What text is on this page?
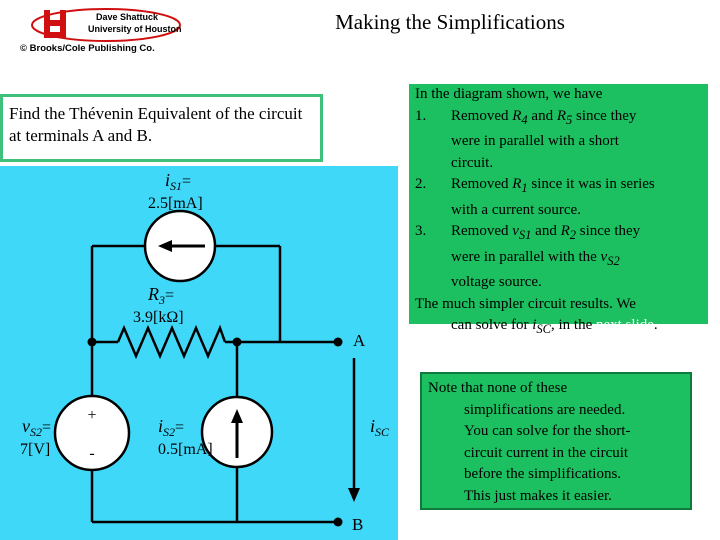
Dave Shattuck
University of Houston
© Brooks/Cole Publishing Co.
Making the Simplifications
Find the Thévenin Equivalent of the circuit at terminals A and B.
+
-
$i_{S1}=$
2.5[mA]
$R_3=$
3.9[kΩ]
$v_{S2}=$
7[V]
$i_{S2}=$
0.5[mA]
$i_{SC}$
A
B

In the diagram shown, we have

1. Removed $R_4$ and $R_5$ since they

were in parallel with a short

circuit.

2. Removed $R_1$ since it was in series

with a current source.

3. Removed $v_{S1}$ and $R_2$ since they

were in parallel with the $v_{S2}$

voltage source.

The much simpler circuit results. We

can solve for $i_{SC}$, in the next slide.

Note that none of these

simplifications are needed.

You can solve for the short-

circuit current in the circuit

before the simplifications.

This just makes it easier.
